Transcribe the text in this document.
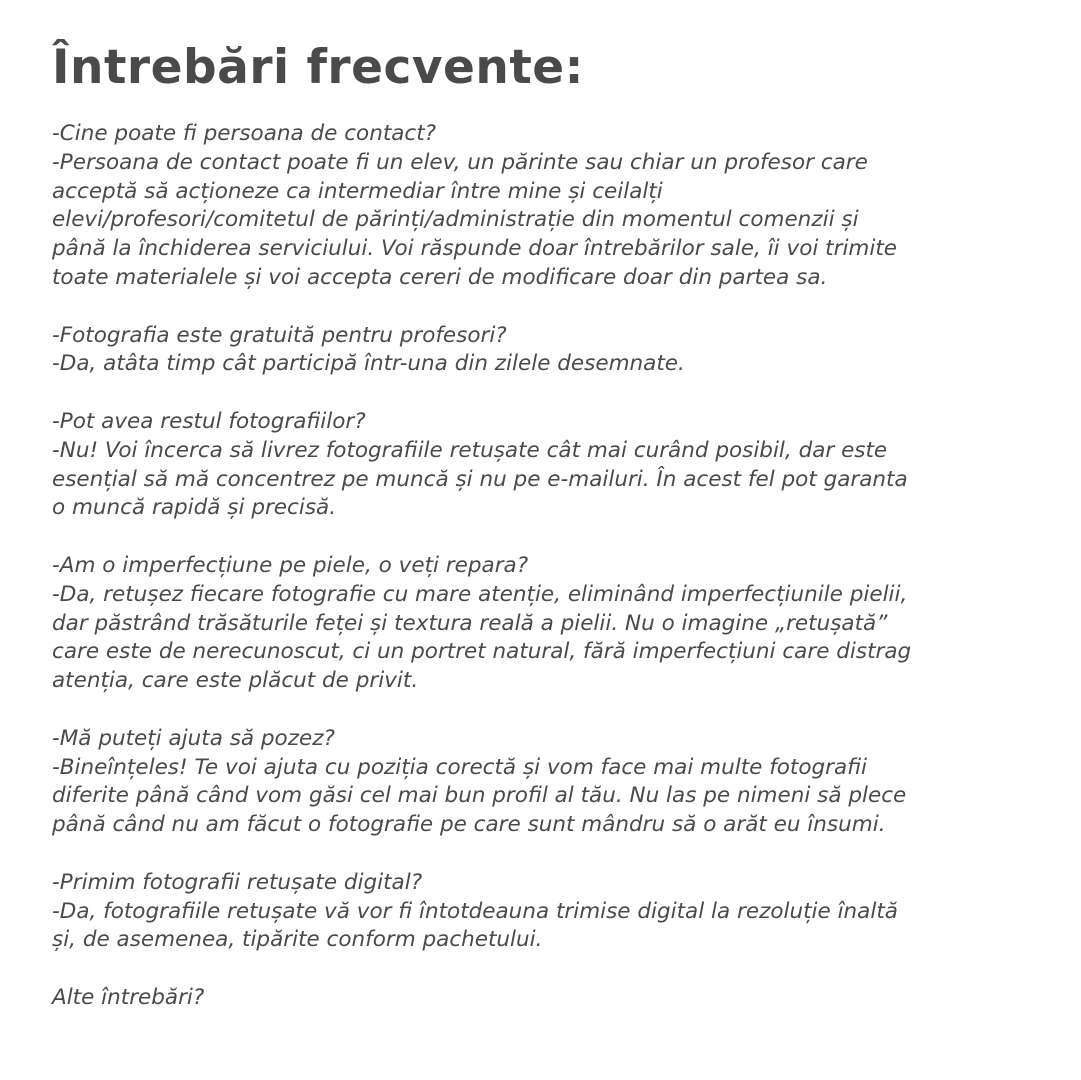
Întrebări frecvente:

-Cine poate fi persoana de contact?

-Persoana de contact poate fi un elev, un părinte sau chiar un profesor care

acceptă să acționeze ca intermediar între mine și ceilalți

elevi/profesori/comitetul de părinți/administrație din momentul comenzii și

până la închiderea serviciului. Voi răspunde doar întrebărilor sale, îi voi trimite

toate materialele și voi accepta cereri de modificare doar din partea sa.

-Fotografia este gratuită pentru profesori?

-Da, atâta timp cât participă într-una din zilele desemnate.

-Pot avea restul fotografiilor?

-Nu! Voi încerca să livrez fotografiile retușate cât mai curând posibil, dar este

esențial să mă concentrez pe muncă și nu pe e-mailuri. În acest fel pot garanta

o muncă rapidă și precisă.

-Am o imperfecțiune pe piele, o veți repara?

-Da, retușez fiecare fotografie cu mare atenție, eliminând imperfecțiunile pielii,

dar păstrând trăsăturile feței și textura reală a pielii. Nu o imagine „retușată”

care este de nerecunoscut, ci un portret natural, fără imperfecțiuni care distrag

atenția, care este plăcut de privit.

-Mă puteți ajuta să pozez?

-Bineînțeles! Te voi ajuta cu poziția corectă și vom face mai multe fotografii

diferite până când vom găsi cel mai bun profil al tău. Nu las pe nimeni să plece

până când nu am făcut o fotografie pe care sunt mândru să o arăt eu însumi.

-Primim fotografii retușate digital?

-Da, fotografiile retușate vă vor fi întotdeauna trimise digital la rezoluție înaltă

și, de asemenea, tipărite conform pachetului.

Alte întrebări?
